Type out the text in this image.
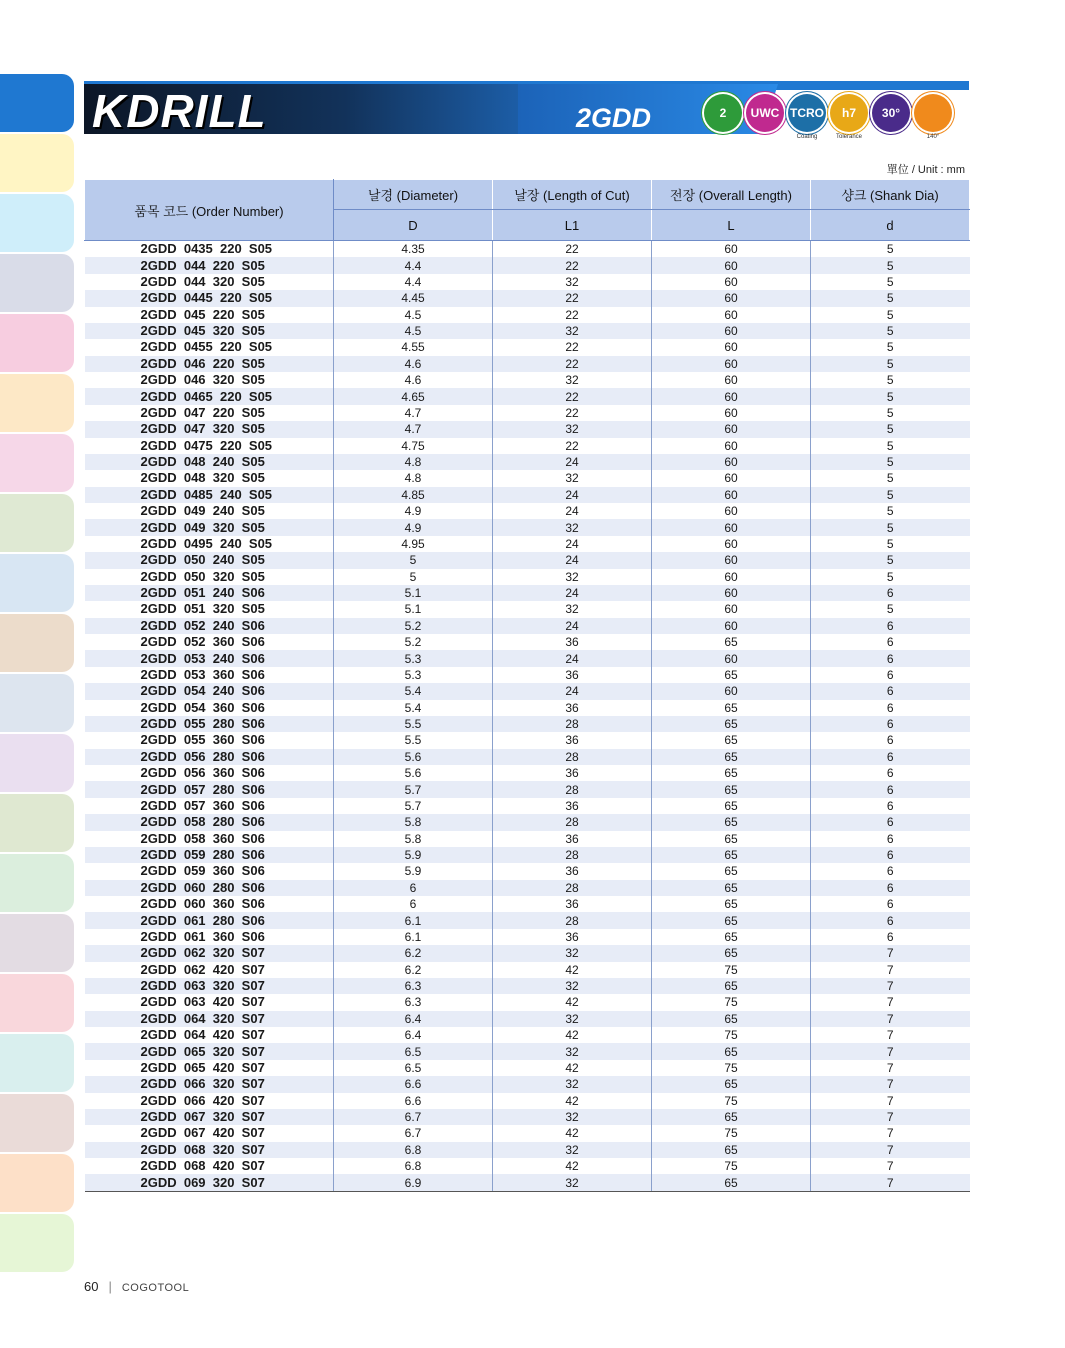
KDRILL	2GDD	2 UWC TCRO
Coating
h7
Tolerance
30°
140°
單位 / Unit : mm
품목 코드 (Order Number)	날경 (Diameter)	날장 (Length of Cut)	전장 (Overall Length)	샹크 (Shank Dia)
	D	L1	L	d
2GDD  0435  220  S05	4.35	22	60	5
2GDD  044  220  S05	4.4	22	60	5
2GDD  044  320  S05	4.4	32	60	5
2GDD  0445  220  S05	4.45	22	60	5
2GDD  045  220  S05	4.5	22	60	5
2GDD  045  320  S05	4.5	32	60	5
2GDD  0455  220  S05	4.55	22	60	5
2GDD  046  220  S05	4.6	22	60	5
2GDD  046  320  S05	4.6	32	60	5
2GDD  0465  220  S05	4.65	22	60	5
2GDD  047  220  S05	4.7	22	60	5
2GDD  047  320  S05	4.7	32	60	5
2GDD  0475  220  S05	4.75	22	60	5
2GDD  048  240  S05	4.8	24	60	5
2GDD  048  320  S05	4.8	32	60	5
2GDD  0485  240  S05	4.85	24	60	5
2GDD  049  240  S05	4.9	24	60	5
2GDD  049  320  S05	4.9	32	60	5
2GDD  0495  240  S05	4.95	24	60	5
2GDD  050  240  S05	5	24	60	5
2GDD  050  320  S05	5	32	60	5
2GDD  051  240  S06	5.1	24	60	6
2GDD  051  320  S05	5.1	32	60	5
2GDD  052  240  S06	5.2	24	60	6
2GDD  052  360  S06	5.2	36	65	6
2GDD  053  240  S06	5.3	24	60	6
2GDD  053  360  S06	5.3	36	65	6
2GDD  054  240  S06	5.4	24	60	6
2GDD  054  360  S06	5.4	36	65	6
2GDD  055  280  S06	5.5	28	65	6
2GDD  055  360  S06	5.5	36	65	6
2GDD  056  280  S06	5.6	28	65	6
2GDD  056  360  S06	5.6	36	65	6
2GDD  057  280  S06	5.7	28	65	6
2GDD  057  360  S06	5.7	36	65	6
2GDD  058  280  S06	5.8	28	65	6
2GDD  058  360  S06	5.8	36	65	6
2GDD  059  280  S06	5.9	28	65	6
2GDD  059  360  S06	5.9	36	65	6
2GDD  060  280  S06	6	28	65	6
2GDD  060  360  S06	6	36	65	6
2GDD  061  280  S06	6.1	28	65	6
2GDD  061  360  S06	6.1	36	65	6
2GDD  062  320  S07	6.2	32	65	7
2GDD  062  420  S07	6.2	42	75	7
2GDD  063  320  S07	6.3	32	65	7
2GDD  063  420  S07	6.3	42	75	7
2GDD  064  320  S07	6.4	32	65	7
2GDD  064  420  S07	6.4	42	75	7
2GDD  065  320  S07	6.5	32	65	7
2GDD  065  420  S07	6.5	42	75	7
2GDD  066  320  S07	6.6	32	65	7
2GDD  066  420  S07	6.6	42	75	7
2GDD  067  320  S07	6.7	32	65	7
2GDD  067  420  S07	6.7	42	75	7
2GDD  068  320  S07	6.8	32	65	7
2GDD  068  420  S07	6.8	42	75	7
2GDD  069  320  S07	6.9	32	65	7
60 | COGOTOOL
